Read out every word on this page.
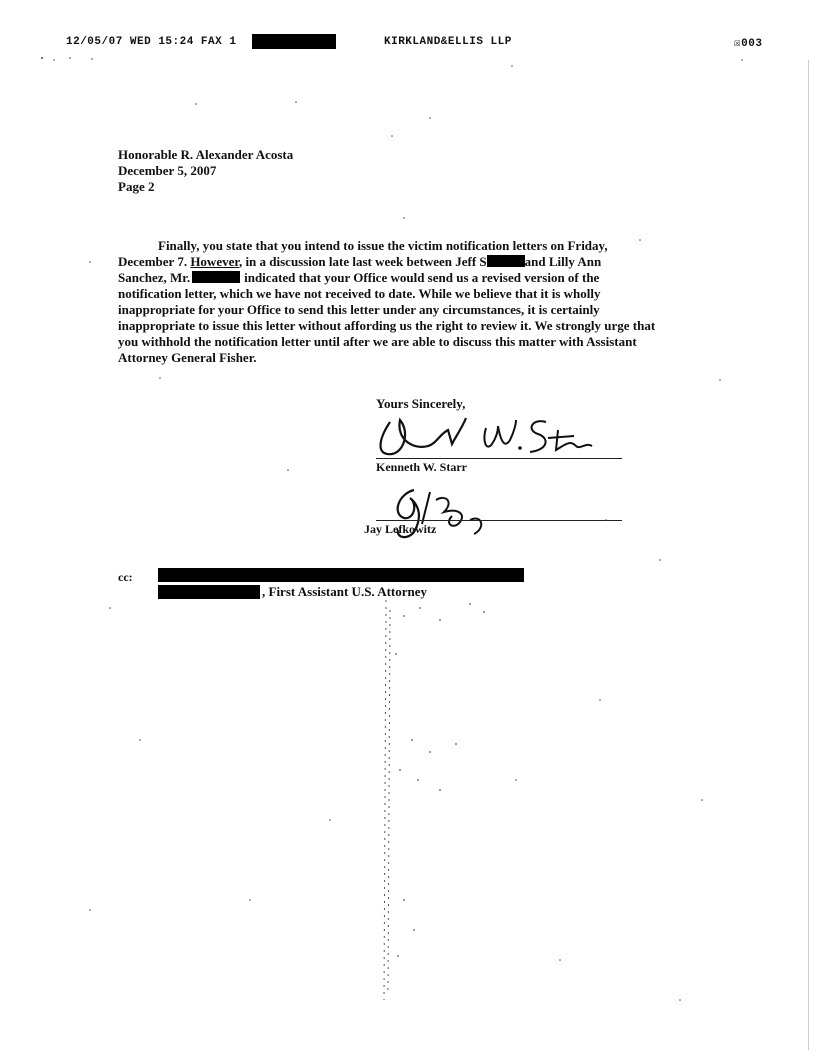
12/05/07 WED 15:24 FAX 1	KIRKLAND&ELLIS LLP	☒003
Honorable R. Alexander Acosta
December 5, 2007
Page 2
Finally, you state that you intend to issue the victim notification letters on Friday,
December 7. However, in a discussion late last week between Jeff S	and Lilly Ann
Sanchez, Mr.	indicated that your Office would send us a revised version of the
notification letter, which we have not received to date. While we believe that it is wholly
inappropriate for your Office to send this letter under any circumstances, it is certainly
inappropriate to issue this letter without affording us the right to review it. We strongly urge that
you withhold the notification letter until after we are able to discuss this matter with Assistant
Attorney General Fisher.
Yours Sincerely,
Kenneth W. Starr
Jay Lefkowitz
cc:
, First Assistant U.S. Attorney
